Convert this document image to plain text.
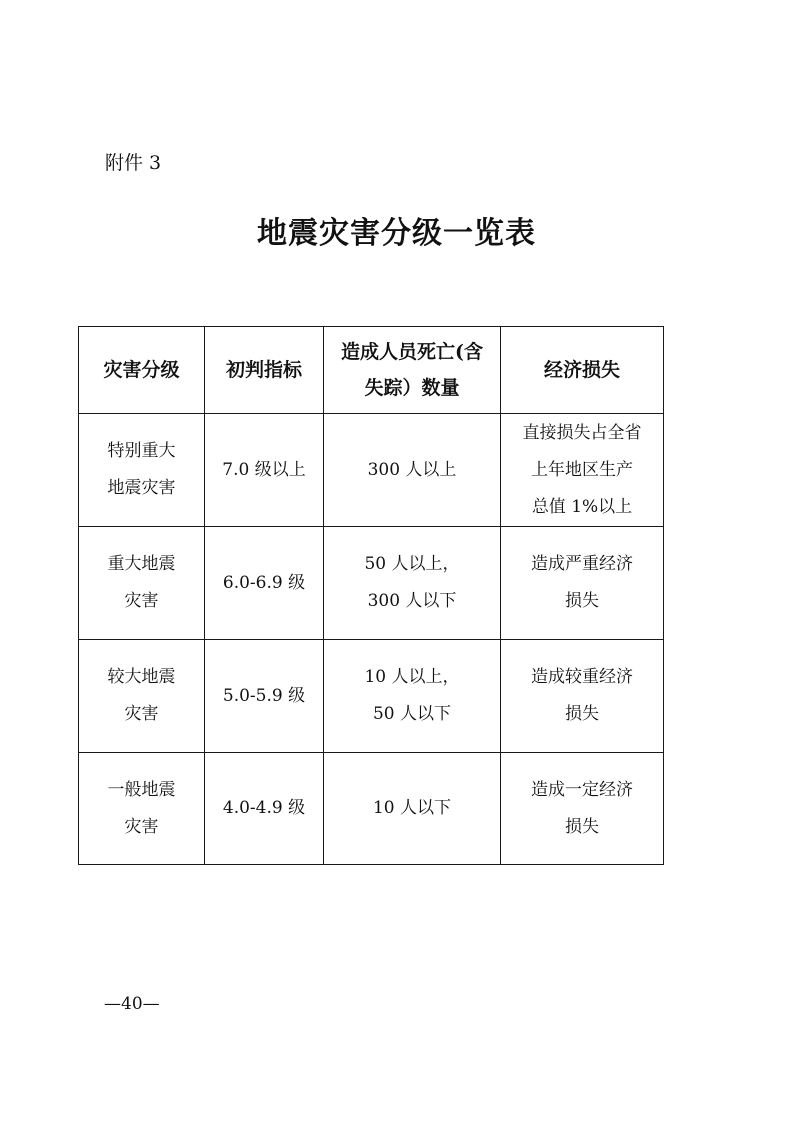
附件 3
地震灾害分级一览表
灾害分级	初判指标	造成人员死亡(含
失踪）数量	经济损失

特别重大
地震灾害	7.0 级以上	300 人以上	直接损失占全省
上年地区生产
总值 1%以上

重大地震
灾害	6.0-6.9 级	50 人以上，
300 人以下	造成严重经济
损失

较大地震
灾害	5.0-5.9 级	10 人以上，
50 人以下	造成较重经济
损失

一般地震
灾害	4.0-4.9 级	10 人以下	造成一定经济
损失
—40—
